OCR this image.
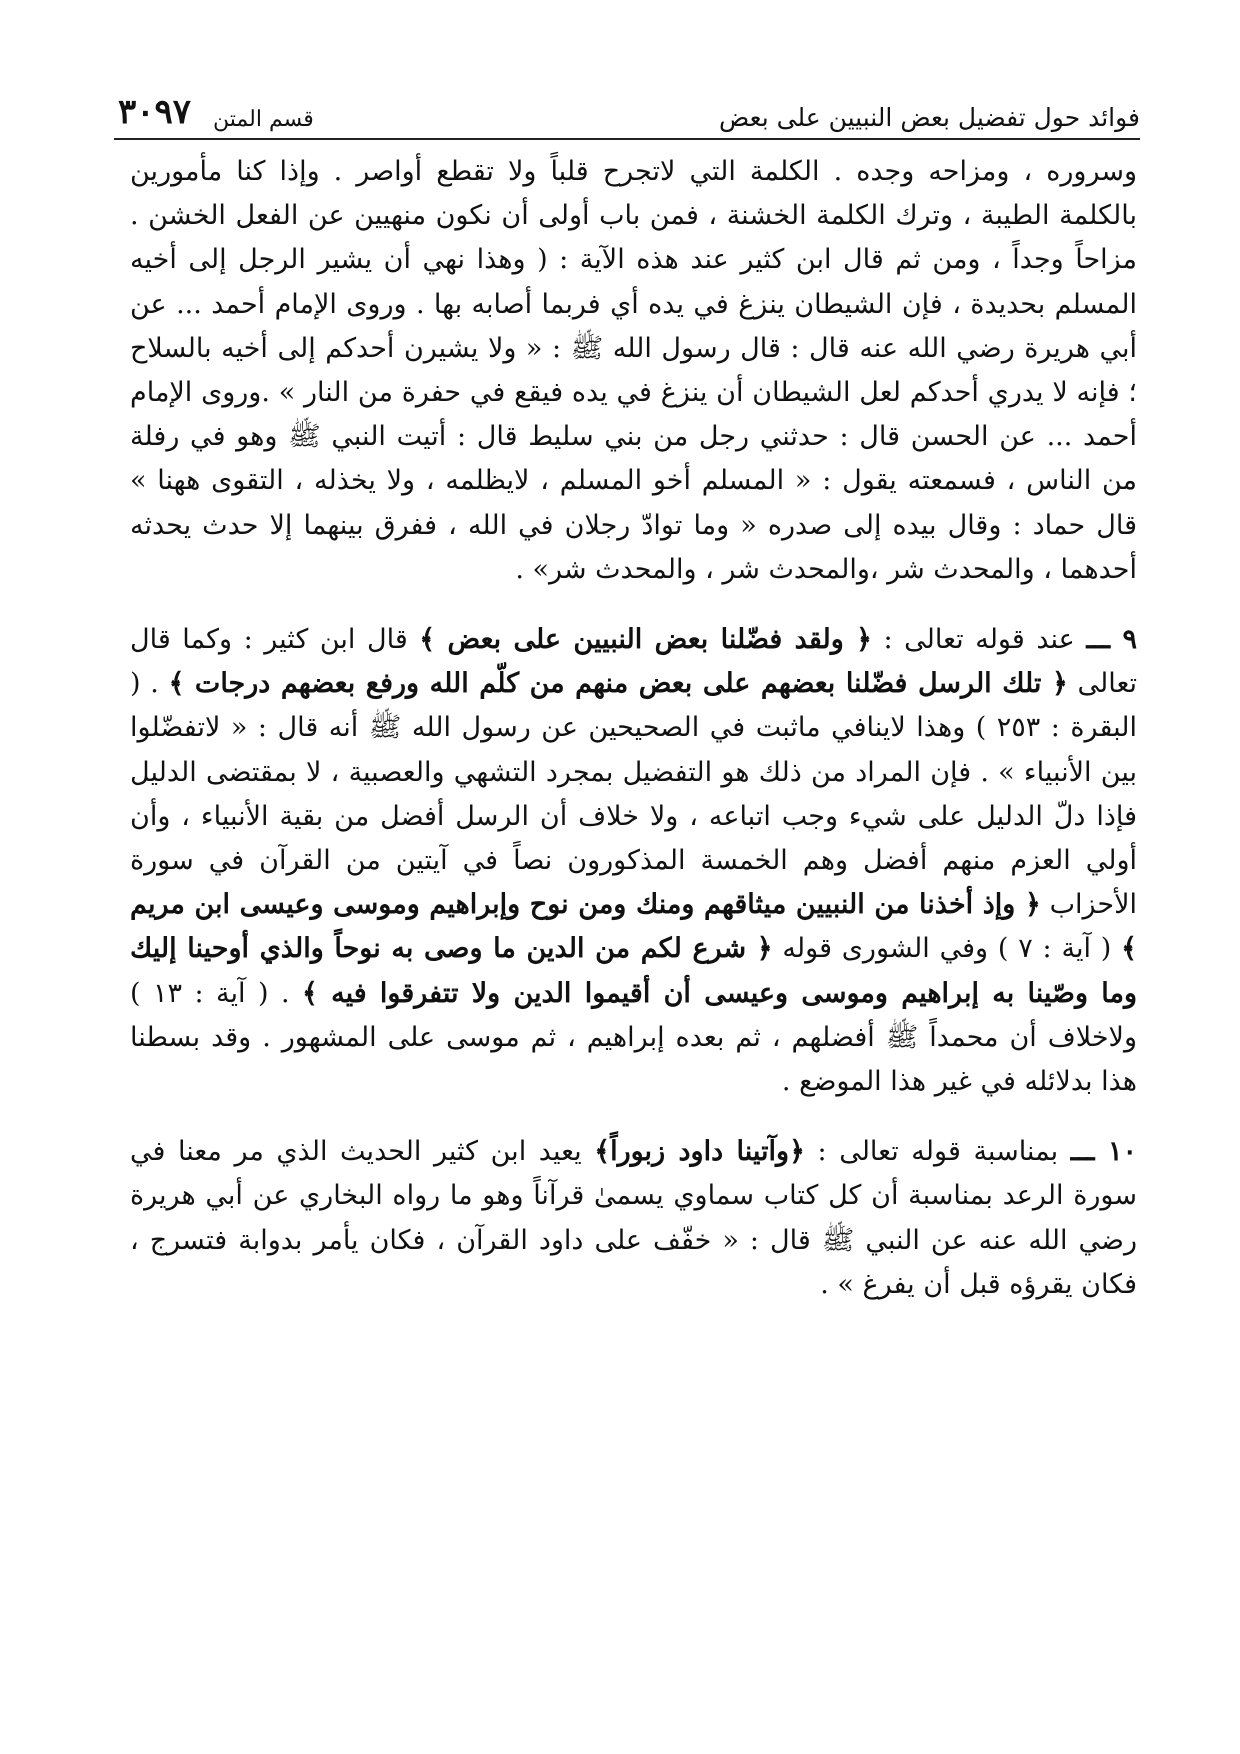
فوائد حول تفضيل بعض النبيين على بعض
قسم المتن
٣٠٩٧

وسروره ، ومزاحه وجده . الكلمة التي لاتجرح قلباً ولا تقطع أواصر . وإذا كنا مأمورين بالكلمة الطيبة ، وترك الكلمة الخشنة ، فمن باب أولى أن نكون منهيين عن الفعل الخشن . مزاحاً وجداً ، ومن ثم قال ابن كثير عند هذه الآية : ( وهذا نهي أن يشير الرجل إلى أخيه المسلم بحديدة ، فإن الشيطان ينزغ في يده أي فربما أصابه بها . وروى الإمام أحمد ... عن أبي هريرة رضي الله عنه قال : قال رسول الله ﷺ : « ولا يشيرن أحدكم إلى أخيه بالسلاح ؛ فإنه لا يدري أحدكم لعل الشيطان أن ينزغ في يده فيقع في حفرة من النار » .وروى الإمام أحمد ... عن الحسن قال : حدثني رجل من بني سليط قال : أتيت النبي ﷺ وهو في رفلة من الناس ، فسمعته يقول : « المسلم أخو المسلم ، لايظلمه ، ولا يخذله ، التقوى ههنا » قال حماد : وقال بيده إلى صدره « وما توادّ رجلان في الله ، ففرق بينهما إلا حدث يحدثه أحدهما ، والمحدث شر ،والمحدث شر ، والمحدث شر» .

٩ ـــ عند قوله تعالى : ﴿ ولقد فضّلنا بعض النبيين على بعض ﴾ قال ابن كثير : وكما قال تعالى ﴿ تلك الرسل فضّلنا بعضهم على بعض منهم من كلّم الله ورفع بعضهم درجات ﴾ . ( البقرة : ٢٥٣ ) وهذا لاينافي ماثبت في الصحيحين عن رسول الله ﷺ أنه قال : « لاتفضّلوا بين الأنبياء » . فإن المراد من ذلك هو التفضيل بمجرد التشهي والعصبية ، لا بمقتضى الدليل فإذا دلّ الدليل على شيء وجب اتباعه ، ولا خلاف أن الرسل أفضل من بقية الأنبياء ، وأن أولي العزم منهم أفضل وهم الخمسة المذكورون نصاً في آيتين من القرآن في سورة الأحزاب ﴿ وإذ أخذنا من النبيين ميثاقهم ومنك ومن نوح وإبراهيم وموسى وعيسى ابن مريم ﴾ ( آية : ٧ ) وفي الشورى قوله ﴿ شرع لكم من الدين ما وصى به نوحاً والذي أوحينا إليك وما وصّينا به إبراهيم وموسى وعيسى أن أقيموا الدين ولا تتفرقوا فيه ﴾ . ( آية : ١٣ ) ولاخلاف أن محمداً ﷺ أفضلهم ، ثم بعده إبراهيم ، ثم موسى على المشهور . وقد بسطنا هذا بدلائله في غير هذا الموضع .

١٠ ـــ بمناسبة قوله تعالى : ﴿وآتينا داود زبوراً﴾ يعيد ابن كثير الحديث الذي مر معنا في سورة الرعد بمناسبة أن كل كتاب سماوي يسمىٰ قرآناً وهو ما رواه البخاري عن أبي هريرة رضي الله عنه عن النبي ﷺ قال : « خفّف على داود القرآن ، فكان يأمر بدوابة فتسرج ، فكان يقرؤه قبل أن يفرغ » .
